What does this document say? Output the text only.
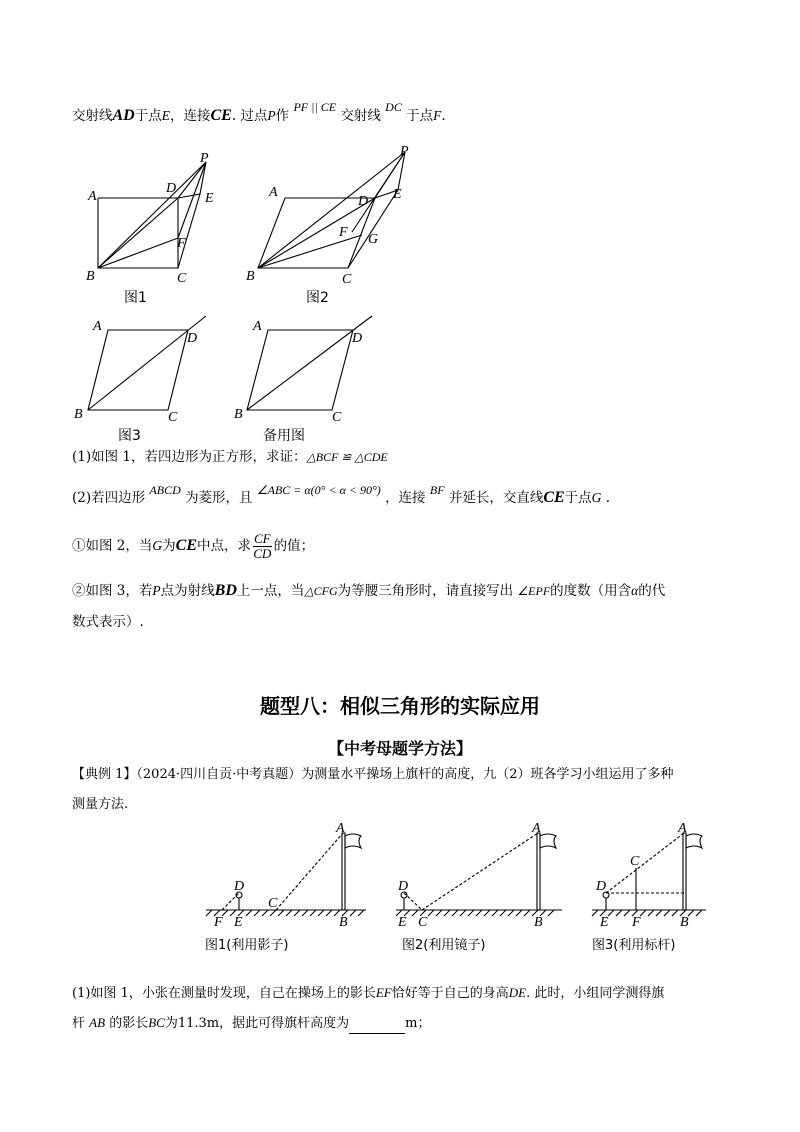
交射线AD于点E，连接CE. 过点P作 PF || CE 交射线 DC 于点F.
A
B	C
D
E
F
P
A
B	C
D E
F G
P
A
B	C
D
A
B	C
D
图1	图2
图3	备用图
(1)如图 1，若四边形为正方形，求证：△BCF ≌ △CDE
(2)若四边形 ABCD 为菱形，且 ∠ABC = α(0° < α < 90°) ，连接 BF 并延长，交直线CE于点G .
①如图 2，当G为CE中点，求 $\frac{CF}{CD}$ 的值；
②如图 3，若P点为射线BD上一点，当△CFG为等腰三角形时，请直接写出 ∠EPF的度数（用含α的代
数式表示）.
题型八：相似三角形的实际应用
【中考母题学方法】
【典例 1】（2024·四川自贡·中考真题）为测量水平操场上旗杆的高度，九（2）班各学习小组运用了多种
测量方法.
D
F E
C
B
A
D
E C	B
A
D
C
E F	B
A
图1(利用影子)	图2(利用镜子)	图3(利用标杆)
(1)如图 1，小张在测量时发现，自己在操场上的影长EF恰好等于自己的身高DE. 此时，小组同学测得旗
杆 AB 的影长BC为11.3m，据此可得旗杆高度为	m；
